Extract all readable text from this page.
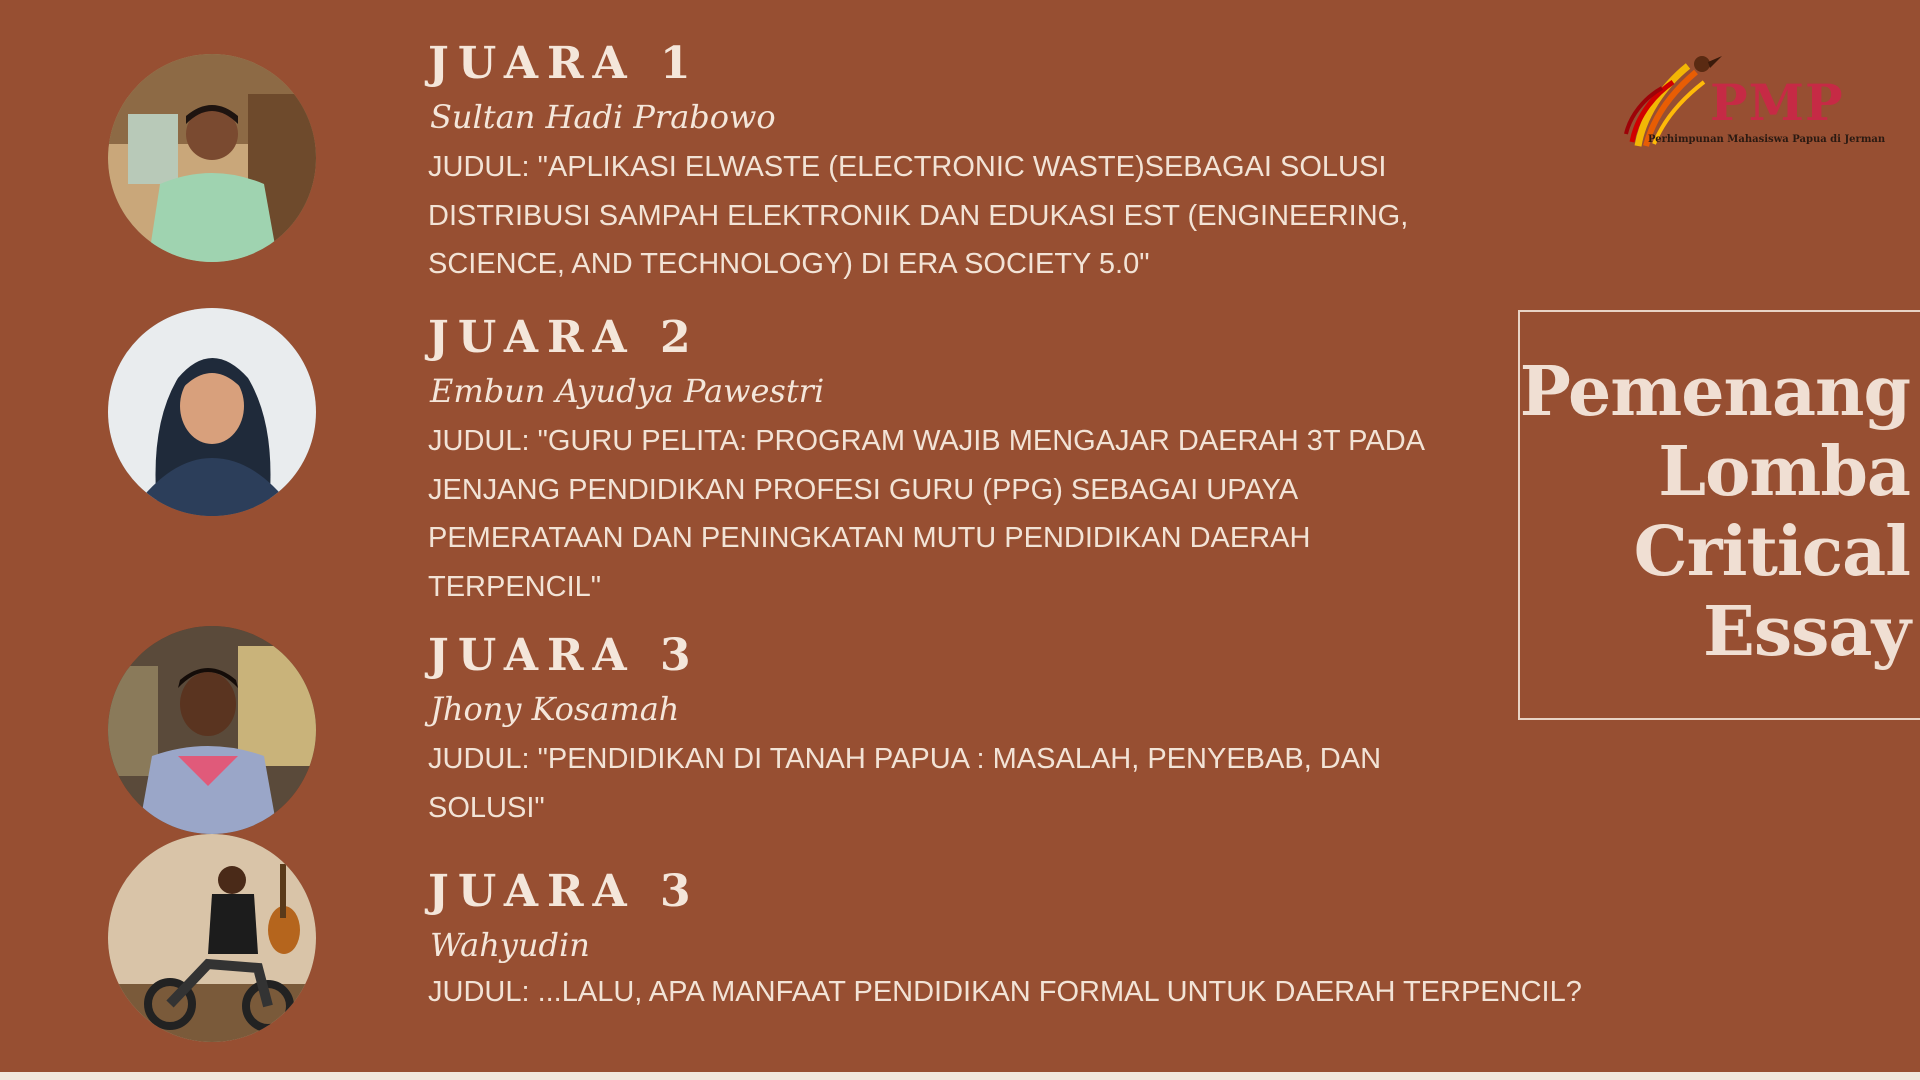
PMP
Perhimpunan Mahasiswa Papua di Jerman
Pemenang
Lomba
Critical
Essay
JUARA 1
Sultan Hadi Prabowo
JUDUL: "APLIKASI ELWASTE (ELECTRONIC WASTE)SEBAGAI SOLUSI DISTRIBUSI SAMPAH ELEKTRONIK DAN EDUKASI EST (ENGINEERING, SCIENCE, AND TECHNOLOGY) DI ERA SOCIETY 5.0"
JUARA 2
Embun Ayudya Pawestri
JUDUL: "GURU PELITA: PROGRAM WAJIB MENGAJAR DAERAH 3T PADA JENJANG PENDIDIKAN PROFESI GURU (PPG) SEBAGAI UPAYA PEMERATAAN DAN PENINGKATAN MUTU PENDIDIKAN DAERAH TERPENCIL"
JUARA 3
Jhony Kosamah
JUDUL: "PENDIDIKAN DI TANAH PAPUA : MASALAH, PENYEBAB, DAN SOLUSI"
JUARA 3
Wahyudin
JUDUL: ...LALU, APA MANFAAT PENDIDIKAN FORMAL UNTUK DAERAH TERPENCIL?
